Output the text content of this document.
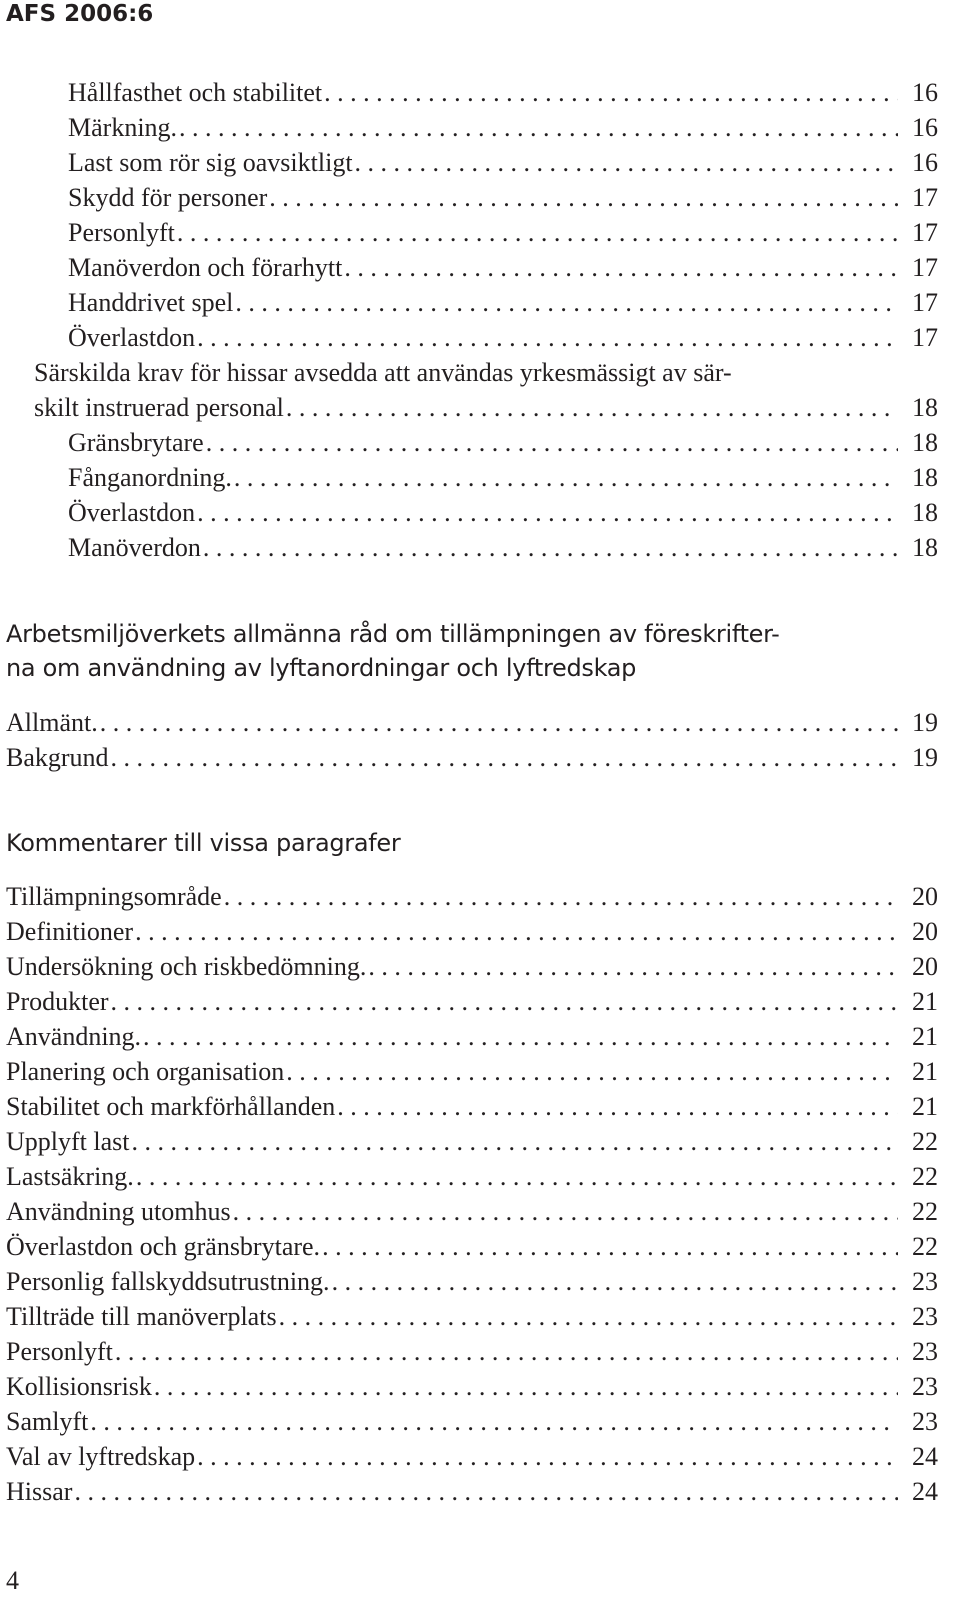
AFS 2006:6
Hållfasthet och stabilitet . . .	16
Märkning. . . .	16
Last som rör sig oavsiktligt . . .	16
Skydd för personer . . .	17
Personlyft . . .	17
Manöverdon och förarhytt . . .	17
Handdrivet spel . . .	17
Överlastdon . . .	17
Särskilda krav för hissar avsedda att användas yrkesmässigt av sär-
skilt instruerad personal . . .	18
Gränsbrytare . . .	18
Fånganordning. . . .	18
Överlastdon . . .	18
Manöverdon . . .	18
Arbetsmiljöverkets allmänna råd om tillämpningen av föreskrifter-
na om användning av lyftanordningar och lyftredskap
Allmänt. . . .	19
Bakgrund . . .	19
Kommentarer till vissa paragrafer
Tillämpningsområde . . .	20
Definitioner . . .	20
Undersökning och riskbedömning. . . .	20
Produkter . . .	21
Användning. . . .	21
Planering och organisation . . .	21
Stabilitet och markförhållanden . . .	21
Upplyft last . . .	22
Lastsäkring. . . .	22
Användning utomhus . . .	22
Överlastdon och gränsbrytare. . . .	22
Personlig fallskyddsutrustning. . . .	23
Tillträde till manöverplats . . .	23
Personlyft . . .	23
Kollisionsrisk . . .	23
Samlyft . . .	23
Val av lyftredskap . . .	24
Hissar . . .	24
4
